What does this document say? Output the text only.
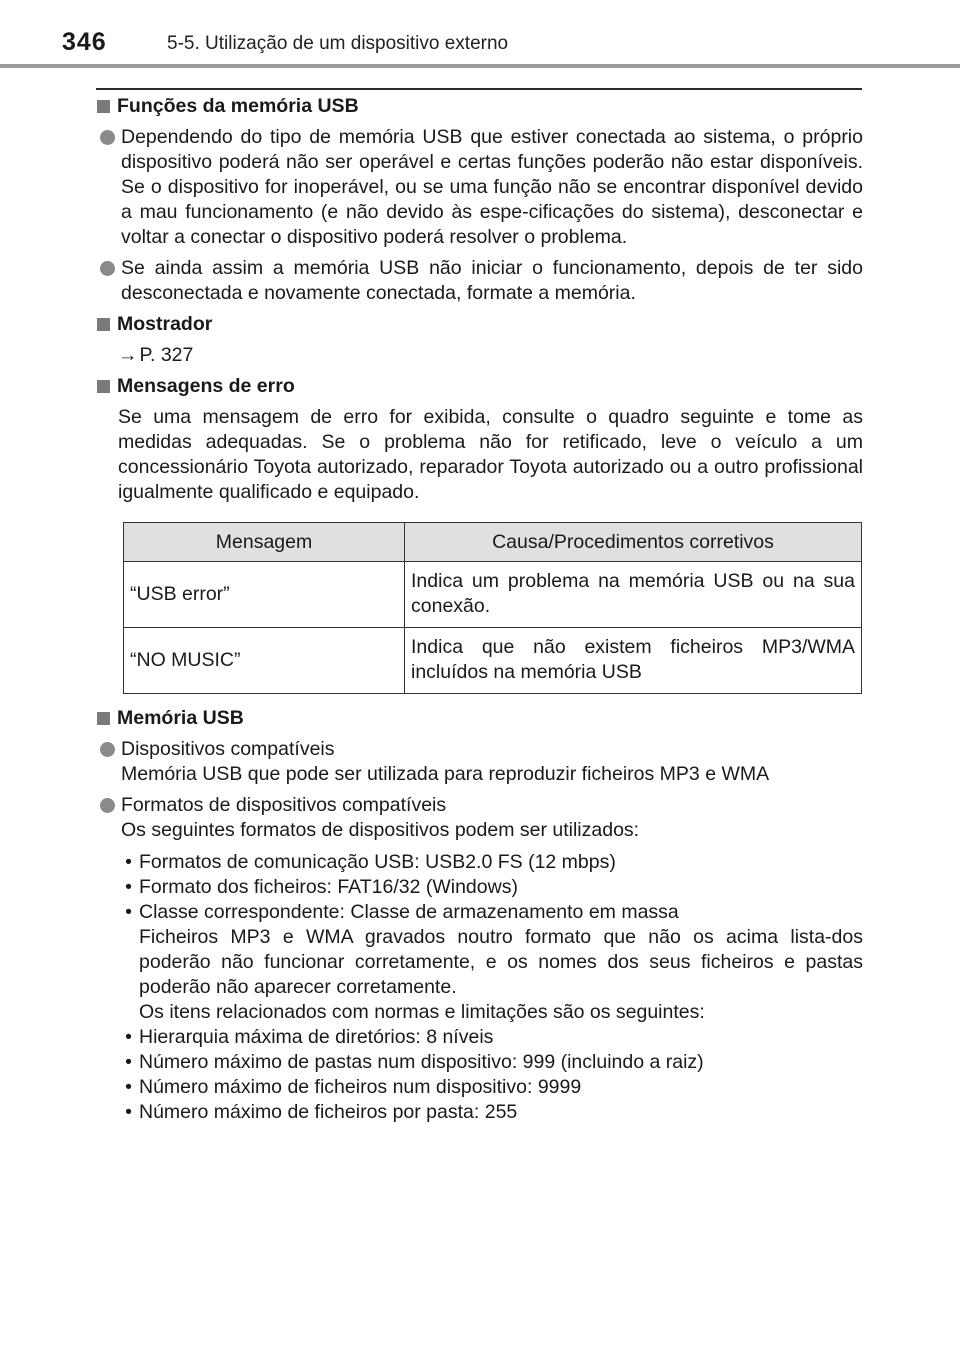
346	5-5. Utilização de um dispositivo externo
Funções da memória USB
Dependendo do tipo de memória USB que estiver conectada ao sistema, o próprio dispositivo poderá não ser operável e certas funções poderão não estar disponíveis. Se o dispositivo for inoperável, ou se uma função não se encontrar disponível devido a mau funcionamento (e não devido às espe-cificações do sistema), desconectar e voltar a conectar o dispositivo poderá resolver o problema.
Se ainda assim a memória USB não iniciar o funcionamento, depois de ter sido desconectada e novamente conectada, formate a memória.
Mostrador
→ P. 327
Mensagens de erro
Se uma mensagem de erro for exibida, consulte o quadro seguinte e tome as medidas adequadas. Se o problema não for retificado, leve o veículo a um concessionário Toyota autorizado, reparador Toyota autorizado ou a outro profissional igualmente qualificado e equipado.
Mensagem	Causa/Procedimentos corretivos
“USB error”	Indica um problema na memória USB ou na sua conexão.
“NO MUSIC”	Indica que não existem ficheiros MP3/WMA incluídos na memória USB
Memória USB
Dispositivos compatíveis
Memória USB que pode ser utilizada para reproduzir ficheiros MP3 e WMA
Formatos de dispositivos compatíveis
Os seguintes formatos de dispositivos podem ser utilizados:
• Formatos de comunicação USB: USB2.0 FS (12 mbps)
• Formato dos ficheiros: FAT16/32 (Windows)
• Classe correspondente: Classe de armazenamento em massa
Ficheiros MP3 e WMA gravados noutro formato que não os acima lista-dos poderão não funcionar corretamente, e os nomes dos seus ficheiros e pastas poderão não aparecer corretamente.
Os itens relacionados com normas e limitações são os seguintes:
• Hierarquia máxima de diretórios: 8 níveis
• Número máximo de pastas num dispositivo: 999 (incluindo a raiz)
• Número máximo de ficheiros num dispositivo: 9999
• Número máximo de ficheiros por pasta: 255
